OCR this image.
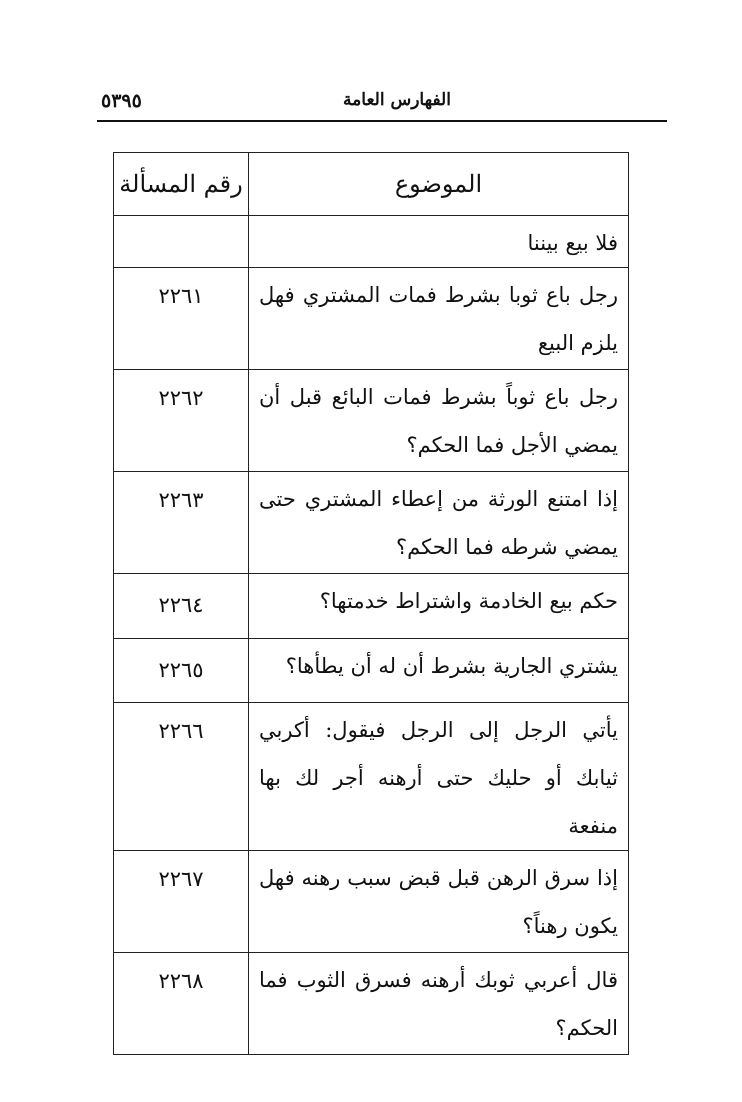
٥٣٩٥	الفهارس العامة
الموضوع	رقم المسألة
فلا بيع بيننا	
رجل باع ثوبا بشرط فمات المشتري فهل يلزم البيع	٢٢٦١
رجل باع ثوباً بشرط فمات البائع قبل أن يمضي الأجل فما الحكم؟	٢٢٦٢
إذا امتنع الورثة من إعطاء المشتري حتى يمضي شرطه فما الحكم؟	٢٢٦٣
حكم بيع الخادمة واشتراط خدمتها؟	٢٢٦٤
يشتري الجارية بشرط أن له أن يطأها؟	٢٢٦٥
يأتي الرجل إلى الرجل فيقول: أكربي ثيابك أو حليك حتى أرهنه أجر لك بها منفعة	٢٢٦٦
إذا سرق الرهن قبل قبض سبب رهنه فهل يكون رهناً؟	٢٢٦٧
قال أعربي ثوبك أرهنه فسرق الثوب فما الحكم؟	٢٢٦٨
